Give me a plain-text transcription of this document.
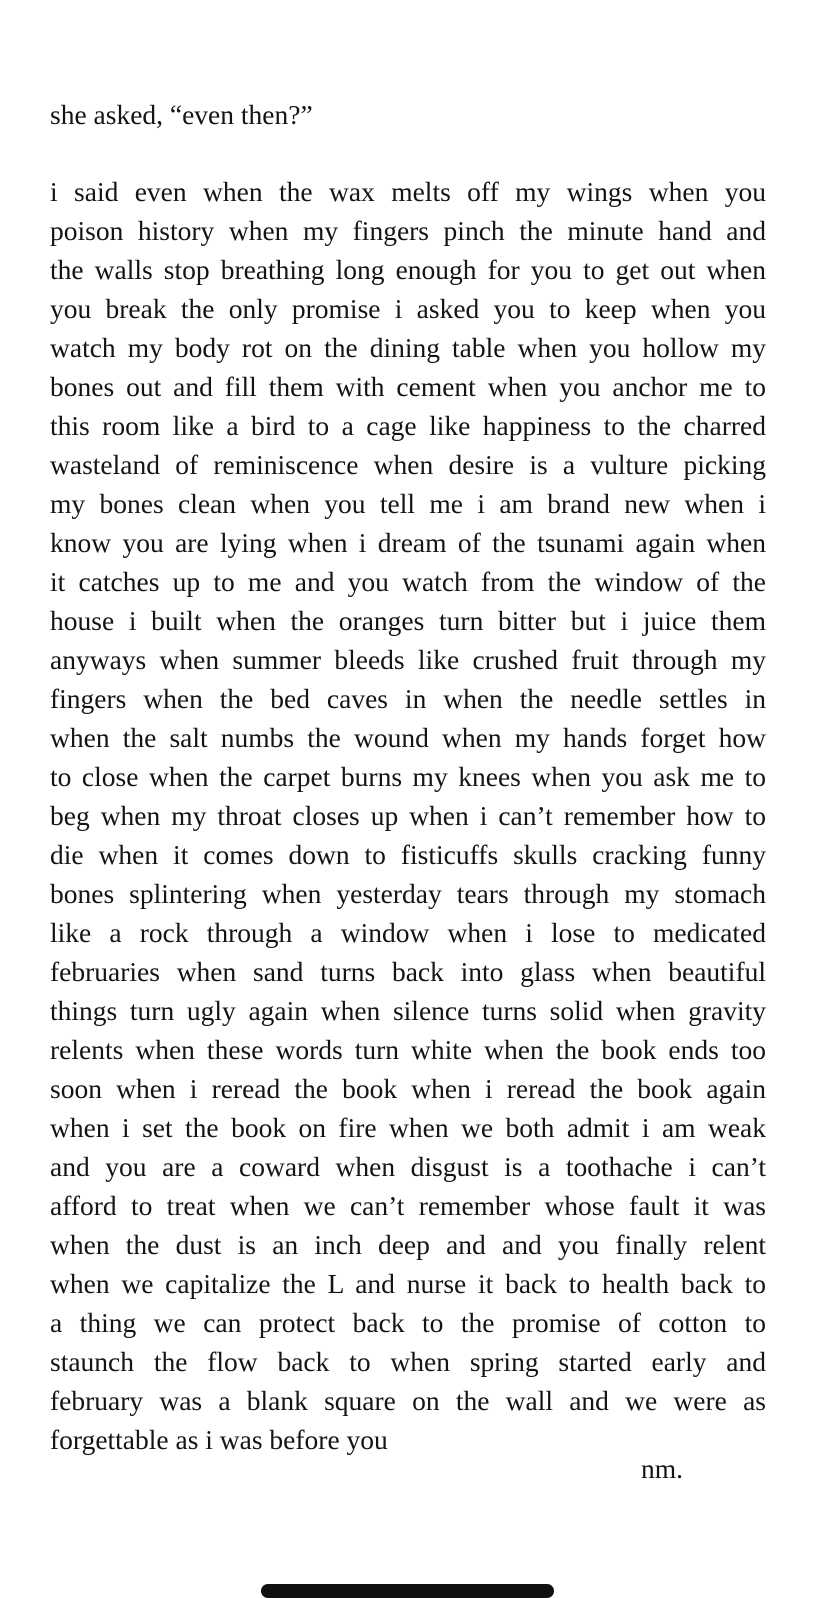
she asked, “even then?”

i said even when the wax melts off my wings when you
poison history when my fingers pinch the minute hand and
the walls stop breathing long enough for you to get out when
you break the only promise i asked you to keep when you
watch my body rot on the dining table when you hollow my
bones out and fill them with cement when you anchor me to
this room like a bird to a cage like happiness to the charred
wasteland of reminiscence when desire is a vulture picking
my bones clean when you tell me i am brand new when i
know you are lying when i dream of the tsunami again when
it catches up to me and you watch from the window of the
house i built when the oranges turn bitter but i juice them
anyways when summer bleeds like crushed fruit through my
fingers when the bed caves in when the needle settles in
when the salt numbs the wound when my hands forget how
to close when the carpet burns my knees when you ask me to
beg when my throat closes up when i can’t remember how to
die when it comes down to fisticuffs skulls cracking funny
bones splintering when yesterday tears through my stomach
like a rock through a window when i lose to medicated
februaries when sand turns back into glass when beautiful
things turn ugly again when silence turns solid when gravity
relents when these words turn white when the book ends too
soon when i reread the book when i reread the book again
when i set the book on fire when we both admit i am weak
and you are a coward when disgust is a toothache i can’t
afford to treat when we can’t remember whose fault it was
when the dust is an inch deep and and you finally relent
when we capitalize the L and nurse it back to health back to
a thing we can protect back to the promise of cotton to
staunch the flow back to when spring started early and
february was a blank square on the wall and we were as
forgettable as i was before you

nm.
